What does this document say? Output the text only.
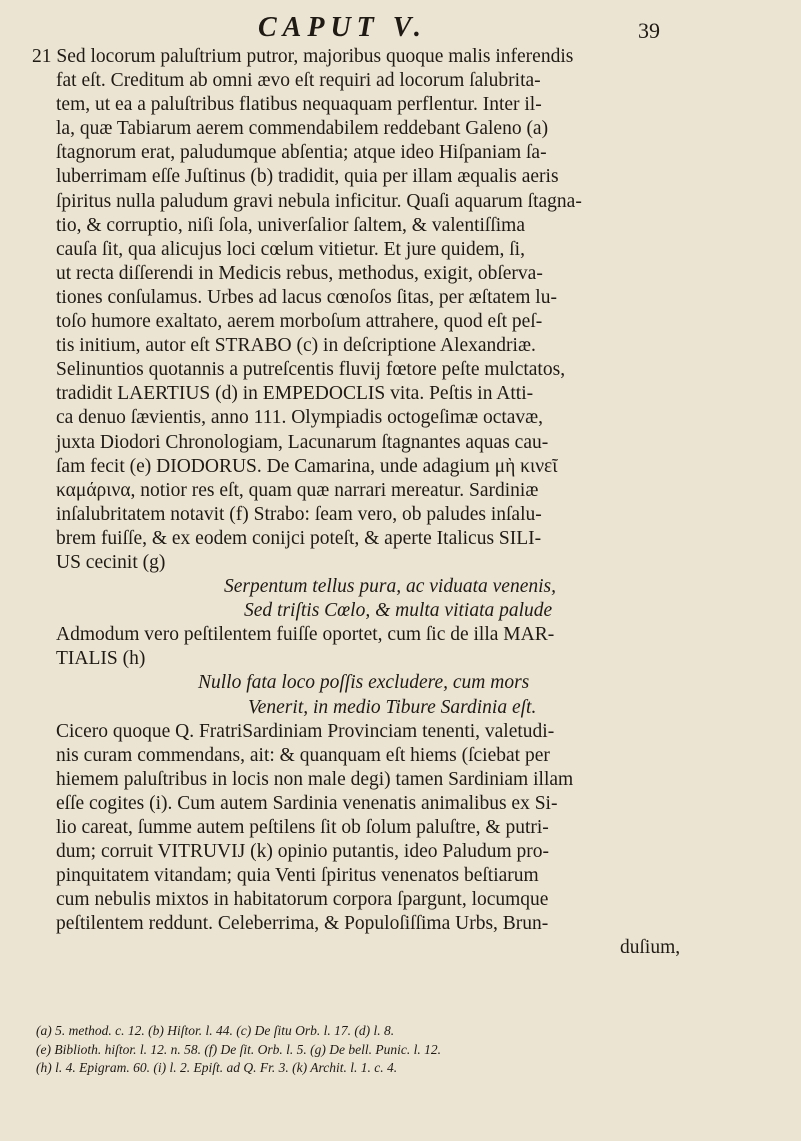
CAPUT V.	39
21 Sed locorum paluſtrium putror, majoribus quoque malis inferendis
fat eſt. Creditum ab omni ævo eſt requiri ad locorum ſalubrita-
tem, ut ea a paluſtribus flatibus nequaquam perflentur. Inter il-
la, quæ Tabiarum aerem commendabilem reddebant Galeno (a)
ſtagnorum erat, paludumque abſentia; atque ideo Hiſpaniam ſa-
luberrimam eſſe Juſtinus (b) tradidit, quia per illam æqualis aeris
ſpiritus nulla paludum gravi nebula inficitur. Quaſi aquarum ſtagna-
tio, & corruptio, niſi ſola, univerſalior ſaltem, & valentiſſima
cauſa ſit, qua alicujus loci cœlum vitietur. Et jure quidem, ſi,
ut recta diſſerendi in Medicis rebus, methodus, exigit, obſerva-
tiones conſulamus. Urbes ad lacus cœnoſos ſitas, per æſtatem lu-
toſo humore exaltato, aerem morboſum attrahere, quod eſt peſ-
tis initium, autor eſt STRABO (c) in deſcriptione Alexandriæ.
Selinuntios quotannis a putreſcentis fluvij fœtore peſte mulctatos,
tradidit LAERTIUS (d) in EMPEDOCLIS vita. Peſtis in Atti-
ca denuo ſævientis, anno 111. Olympiadis octogeſimæ octavæ,
juxta Diodori Chronologiam, Lacunarum ſtagnantes aquas cau-
ſam fecit (e) DIODORUS. De Camarina, unde adagium μὴ κινεῖ
καμάρινα, notior res eſt, quam quæ narrari mereatur. Sardiniæ
inſalubritatem notavit (f) Strabo: ſeam vero, ob paludes inſalu-
brem fuiſſe, & ex eodem conijci poteſt, & aperte Italicus SILI-
US cecinit (g)
Serpentum tellus pura, ac viduata venenis,
Sed triſtis Cœlo, & multa vitiata palude
Admodum vero peſtilentem fuiſſe oportet, cum ſic de illa MAR-
TIALIS (h)
Nullo fata loco poſſis excludere, cum mors
Venerit, in medio Tibure Sardinia eſt.
Cicero quoque Q. FratriSardiniam Provinciam tenenti, valetudi-
nis curam commendans, ait: & quanquam eſt hiems (ſciebat per
hiemem paluſtribus in locis non male degi) tamen Sardiniam illam
eſſe cogites (i). Cum autem Sardinia venenatis animalibus ex Si-
lio careat, ſumme autem peſtilens ſit ob ſolum paluſtre, & putri-
dum; corruit VITRUVIJ (k) opinio putantis, ideo Paludum pro-
pinquitatem vitandam; quia Venti ſpiritus venenatos beſtiarum
cum nebulis mixtos in habitatorum corpora ſpargunt, locumque
peſtilentem reddunt. Celeberrima, & Populoſiſſima Urbs, Brun-
duſium,
(a) 5. method. c. 12. (b) Hiſtor. l. 44. (c) De ſitu Orb. l. 17. (d) l. 8.
(e) Biblioth. hiſtor. l. 12. n. 58. (f) De ſit. Orb. l. 5. (g) De bell. Punic. l. 12.
(h) l. 4. Epigram. 60. (i) l. 2. Epiſt. ad Q. Fr. 3. (k) Archit. l. 1. c. 4.
